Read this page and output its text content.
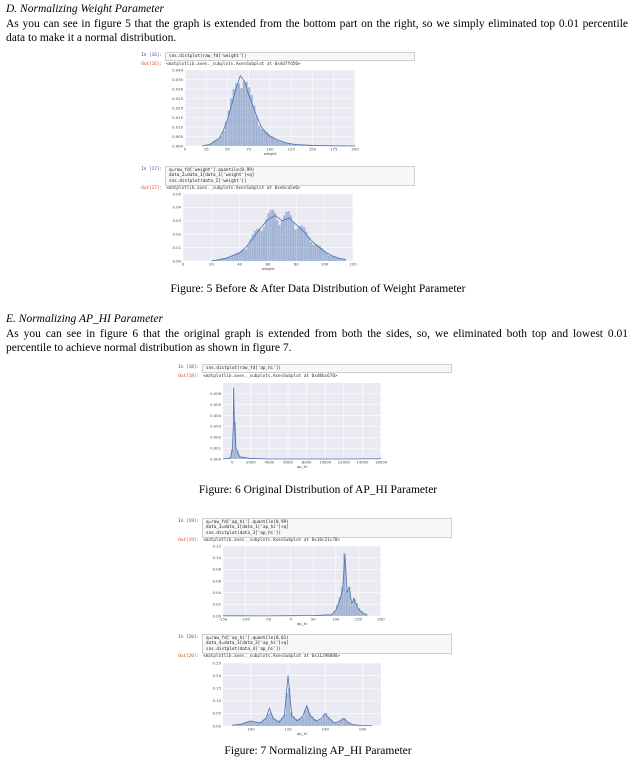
D. Normalizing Weight Parameter
As you can see in figure 5 that the graph is extended from the bottom part on the right, so we simply eliminated top 0.01 percentile data to make it a normal distribution.
In [16]:	sns.distplot(raw_fd['weight'])
Out[16]: <matplotlib.axes._subplots.AxesSubplot at 0x4d7fd50>
0.000
0.005
0.010
0.015
0.020
0.025
0.030
0.035
0.040
0	25	50	75	100	125	150	175	200
weight
In [17]: q=raw_fd['weight'].quantile(0.99)
data_2=data_1[data_1['weight']<q]
sns.distplot(data_2['weight'])
Out[17]: <matplotlib.axes._subplots.AxesSubplot at 0xebca5e0>
0.00
0.01
0.02
0.03
0.04
0.05
0	20	40	60	80	100	120
weight
Figure: 5 Before & After Data Distribution of Weight Parameter
E. Normalizing AP_HI Parameter
As you can see in figure 6 that the original graph is extended from both the sides, so, we eliminated both top and lowest 0.01 percentile to achieve normal distribution as shown in figure 7.
In [18]:	sns.distplot(raw_fd['ap_hi'])
Out[18]: <matplotlib.axes._subplots.AxesSubplot at 0xd8bc670>
0.000
0.001
0.002
0.003
0.004
0.005
0.006
0	2000 4000 6000 8000 10000 12000 14000 16000
ap_hi
Figure: 6 Original Distribution of AP_HI Parameter
In [19]: q=raw_fd['ap_hi'].quantile(0.99)
data_3=data_1[data_1['ap_hi']<q]
sns.distplot(data_3['ap_hi'])
Out[19]: <matplotlib.axes._subplots.AxesSubplot at 0x10c21c70>
0.00
0.02
0.04
0.06
0.08
0.10
0.12
-150	-100	-50	0	50	100	150	200
ap_hi
In [20]: q=raw_fd['ap_hi'].quantile(0.01)
data_4=data_3[data_3['ap_hi']>q]
sns.distplot(data_4['ap_hi'])
Out[20]: <matplotlib.axes._subplots.AxesSubplot at 0x11298880>
0.00
0.05
0.10
0.15
0.20
0.25
100	120	140	160
ap_hi
Figure: 7 Normalizing AP_HI Parameter
